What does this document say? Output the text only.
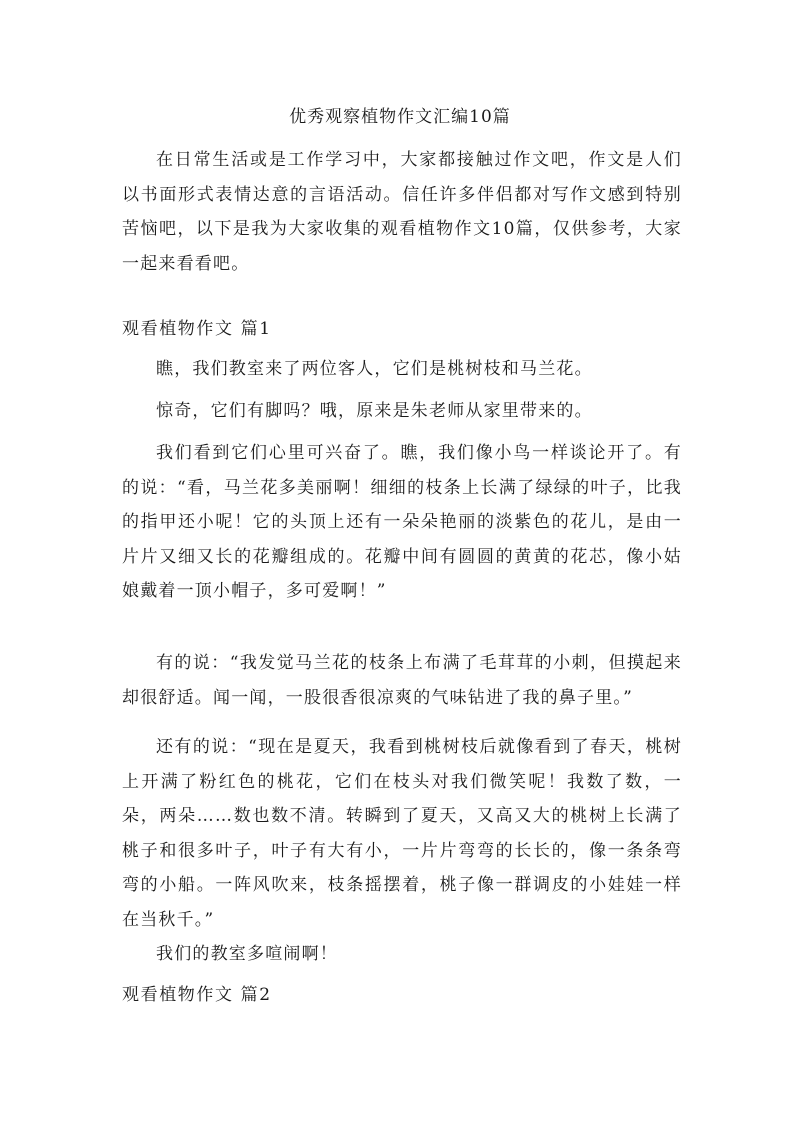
优秀观察植物作文汇编10篇

在日常生活或是工作学习中，大家都接触过作文吧，作文是人们以书面形式表情达意的言语活动。信任许多伴侣都对写作文感到特别苦恼吧，以下是我为大家收集的观看植物作文10篇，仅供参考，大家一起来看看吧。

观看植物作文 篇1

瞧，我们教室来了两位客人，它们是桃树枝和马兰花。

惊奇，它们有脚吗？哦，原来是朱老师从家里带来的。

我们看到它们心里可兴奋了。瞧，我们像小鸟一样谈论开了。有的说：“看，马兰花多美丽啊！细细的枝条上长满了绿绿的叶子，比我的指甲还小呢！它的头顶上还有一朵朵艳丽的淡紫色的花儿，是由一片片又细又长的花瓣组成的。花瓣中间有圆圆的黄黄的花芯，像小姑娘戴着一顶小帽子，多可爱啊！”

有的说：“我发觉马兰花的枝条上布满了毛茸茸的小刺，但摸起来却很舒适。闻一闻，一股很香很凉爽的气味钻进了我的鼻子里。”

还有的说：“现在是夏天，我看到桃树枝后就像看到了春天，桃树上开满了粉红色的桃花，它们在枝头对我们微笑呢！我数了数，一朵，两朵……数也数不清。转瞬到了夏天，又高又大的桃树上长满了桃子和很多叶子，叶子有大有小，一片片弯弯的长长的，像一条条弯弯的小船。一阵风吹来，枝条摇摆着，桃子像一群调皮的小娃娃一样在当秋千。”

我们的教室多喧闹啊！

观看植物作文 篇2
